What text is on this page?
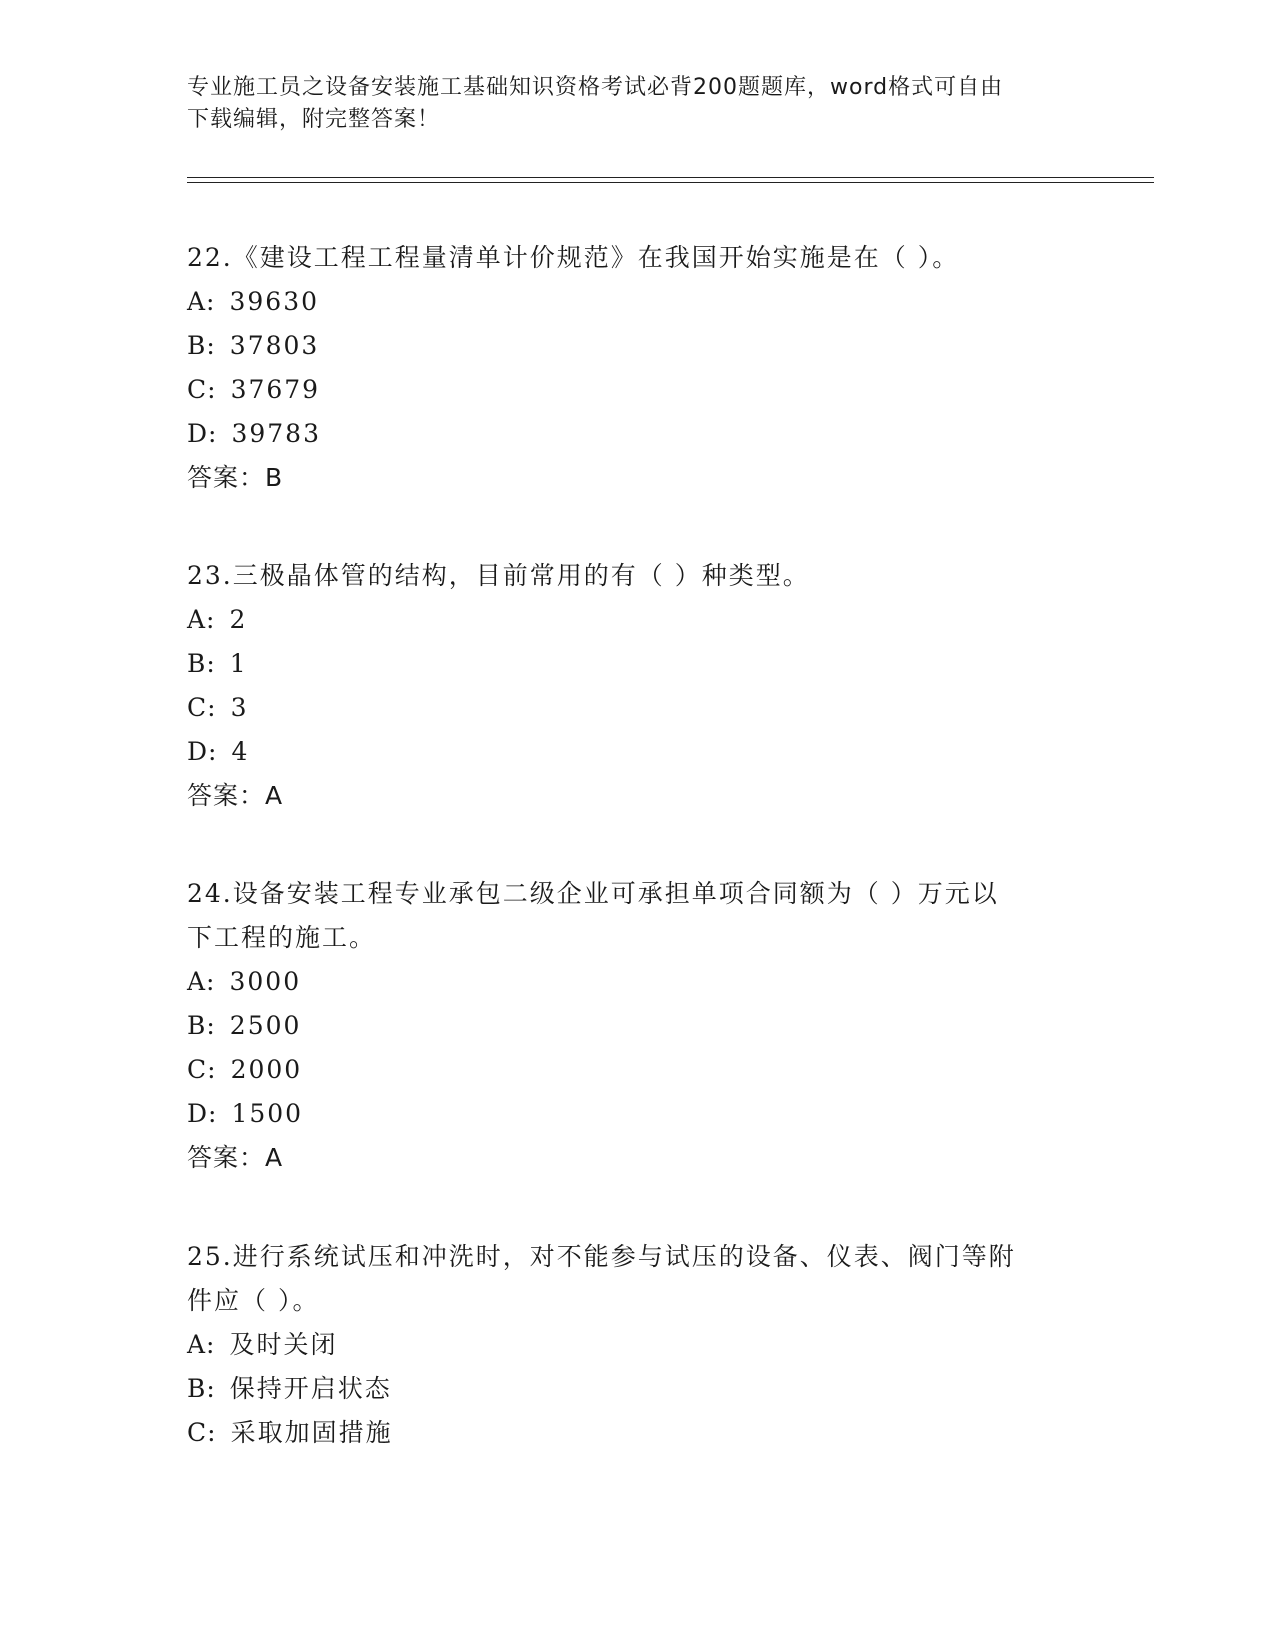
专业施工员之设备安装施工基础知识资格考试必背200题题库，word格式可自由
下载编辑，附完整答案！
22.《建设工程工程量清单计价规范》在我国开始实施是在（ ）。
A: 39630
B: 37803
C: 37679
D: 39783
答案：B
23.三极晶体管的结构，目前常用的有（ ）种类型。
A: 2
B: 1
C: 3
D: 4
答案：A
24.设备安装工程专业承包二级企业可承担单项合同额为（ ）万元以
下工程的施工。
A: 3000
B: 2500
C: 2000
D: 1500
答案：A
25.进行系统试压和冲洗时，对不能参与试压的设备、仪表、阀门等附
件应（ ）。
A: 及时关闭
B: 保持开启状态
C: 采取加固措施
